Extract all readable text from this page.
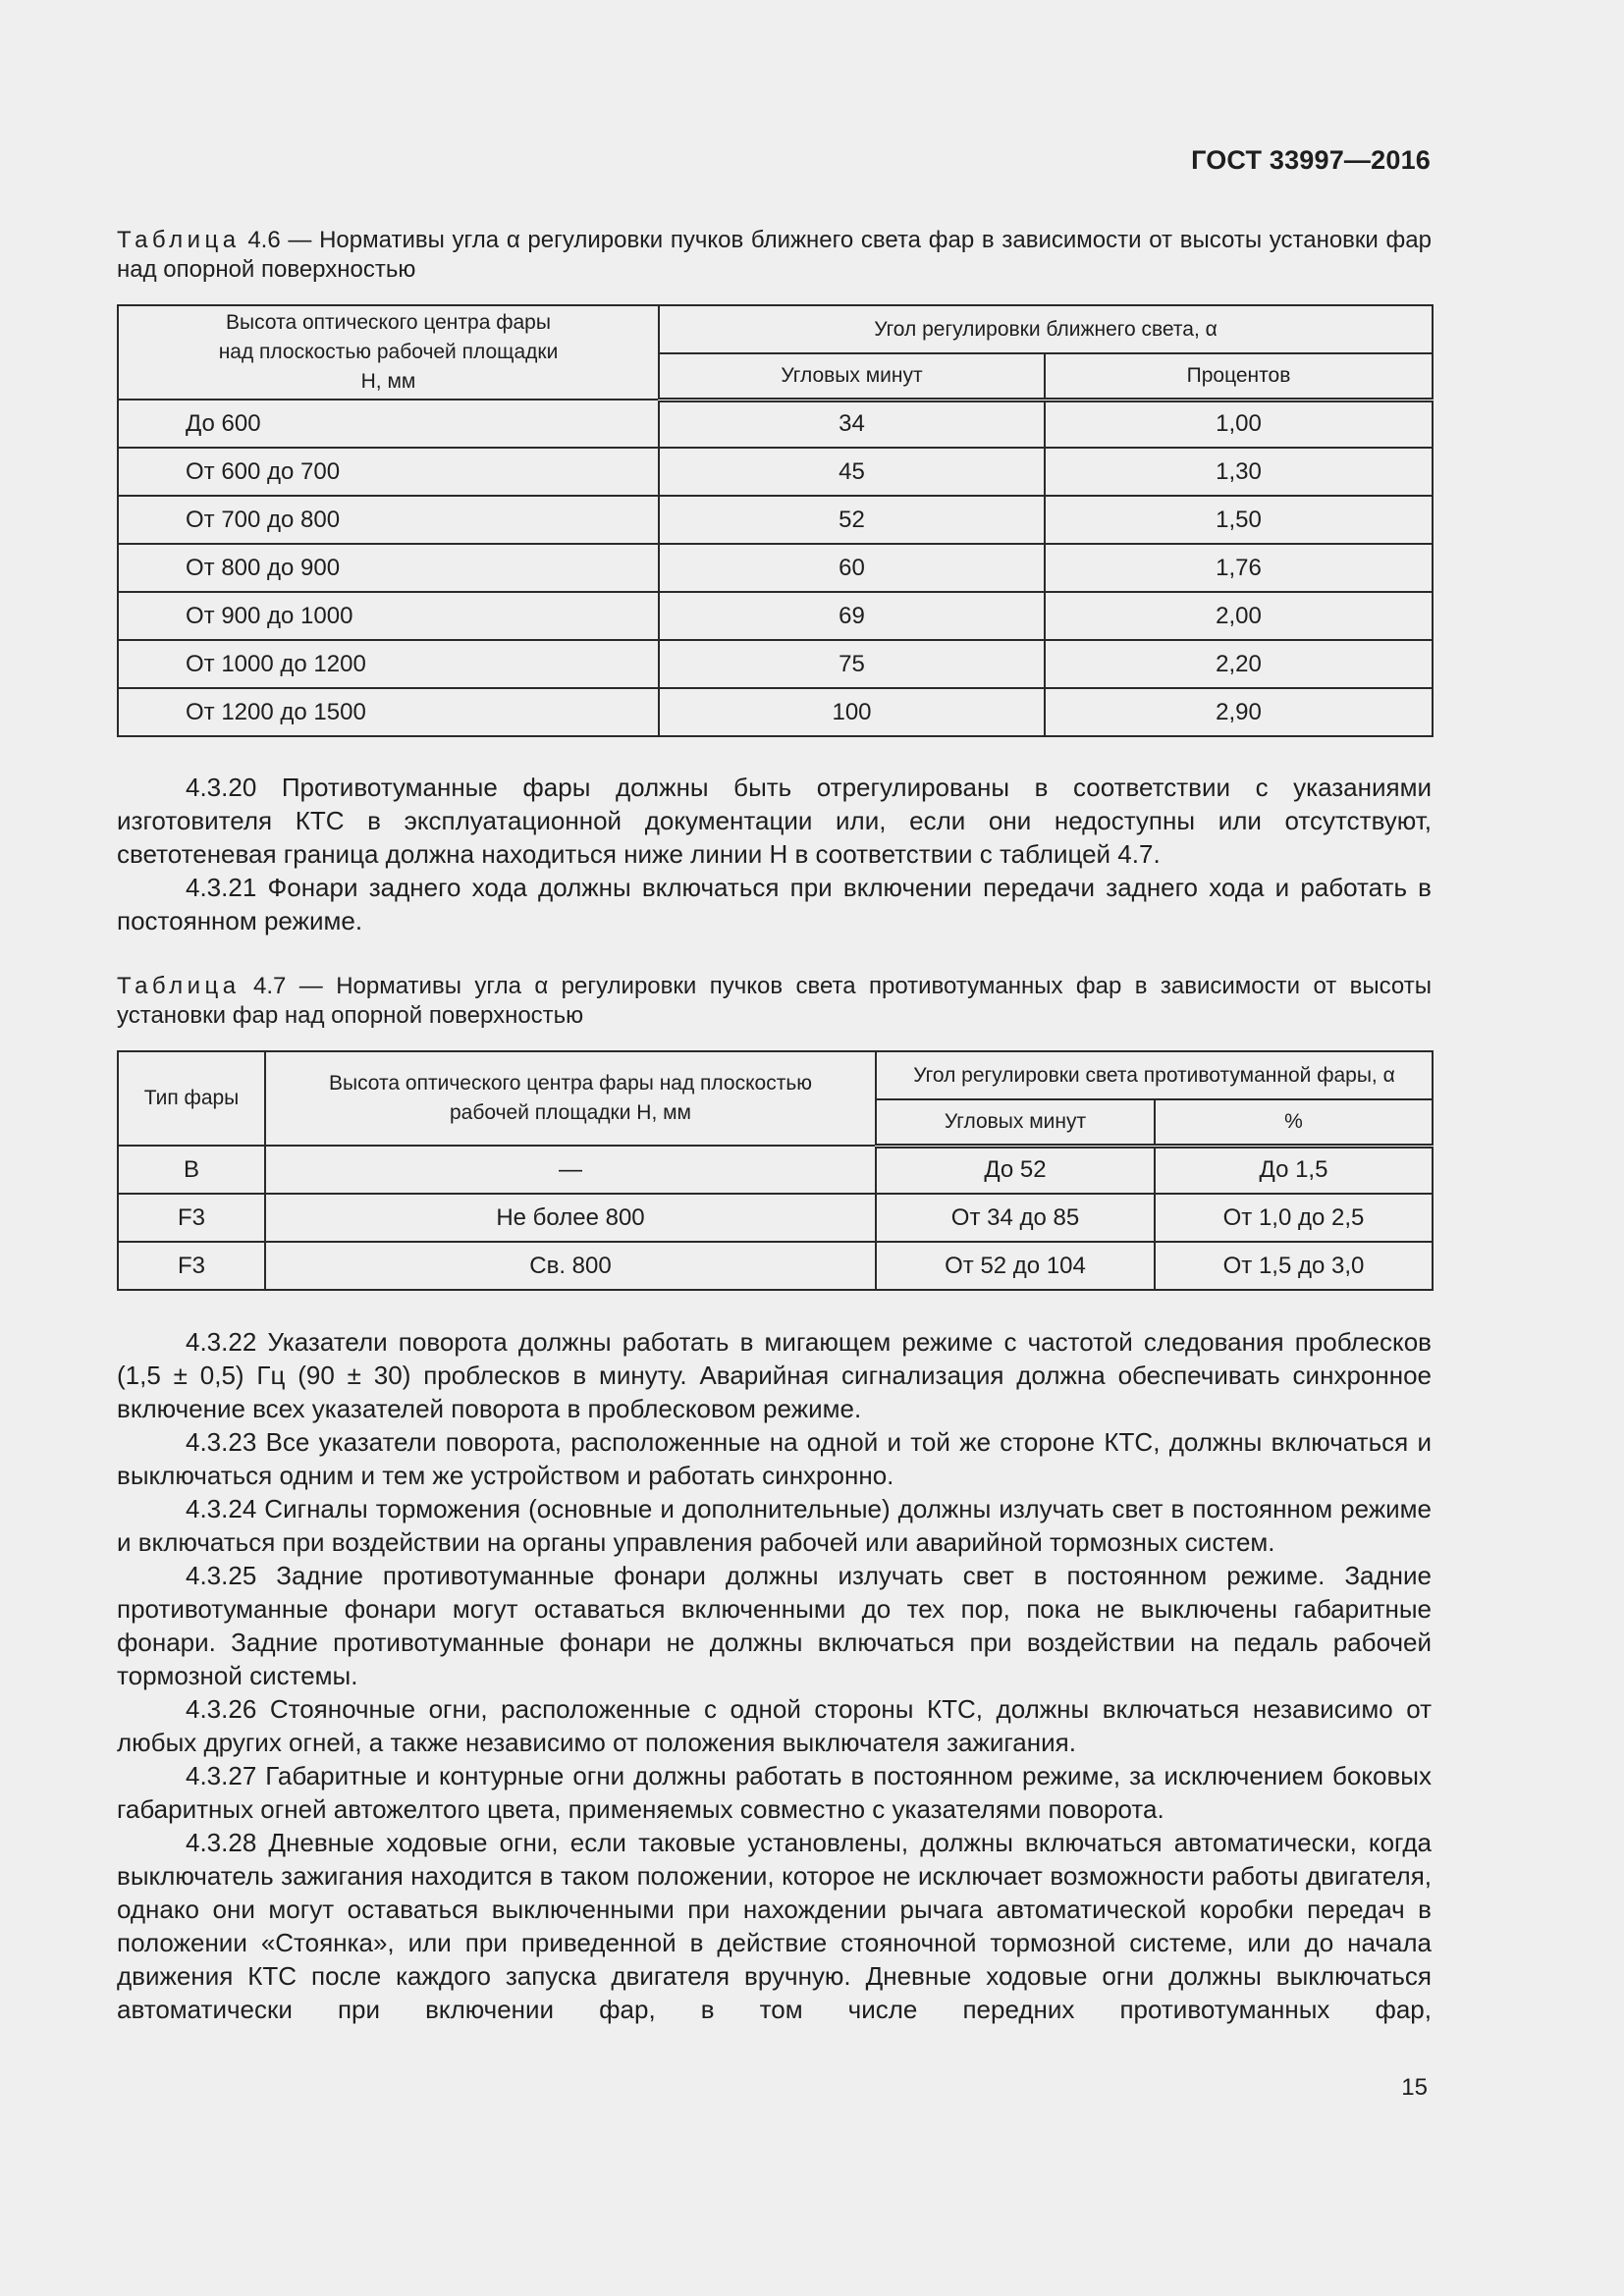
ГОСТ 33997—2016
Таблица 4.6 — Нормативы угла α регулировки пучков ближнего света фар в зависимости от высоты установки фар над опорной поверхностью
Высота оптического центра фары над плоскостью рабочей площадки H, мм	Угол регулировки ближнего света, α	
	Угловых минут	Процентов
До 600	34	1,00
От 600 до 700	45	1,30
От 700 до 800	52	1,50
От 800 до 900	60	1,76
От 900 до 1000	69	2,00
От 1000 до 1200	75	2,20
От 1200 до 1500	100	2,90

4.3.20 Противотуманные фары должны быть отрегулированы в соответствии с указаниями изготовителя КТС в эксплуатационной документации или, если они недоступны или отсутствуют, светотеневая граница должна находиться ниже линии H в соответствии с таблицей 4.7.

4.3.21 Фонари заднего хода должны включаться при включении передачи заднего хода и работать в постоянном режиме.

Таблица 4.7 — Нормативы угла α регулировки пучков света противотуманных фар в зависимости от высоты установки фар над опорной поверхностью
Тип фары	Высота оптического центра фары над плоскостью рабочей площадки H, мм	Угол регулировки света противотуманной фары, α	
		Угловых минут	%
B	—	До 52	До 1,5
F3	Не более 800	От 34 до 85	От 1,0 до 2,5
F3	Св. 800	От 52 до 104	От 1,5 до 3,0

4.3.22 Указатели поворота должны работать в мигающем режиме с частотой следования проблесков (1,5 ± 0,5) Гц (90 ± 30) проблесков в минуту. Аварийная сигнализация должна обеспечивать синхронное включение всех указателей поворота в проблесковом режиме.

4.3.23 Все указатели поворота, расположенные на одной и той же стороне КТС, должны включаться и выключаться одним и тем же устройством и работать синхронно.

4.3.24 Сигналы торможения (основные и дополнительные) должны излучать свет в постоянном режиме и включаться при воздействии на органы управления рабочей или аварийной тормозных систем.

4.3.25 Задние противотуманные фонари должны излучать свет в постоянном режиме. Задние противотуманные фонари могут оставаться включенными до тех пор, пока не выключены габаритные фонари. Задние противотуманные фонари не должны включаться при воздействии на педаль рабочей тормозной системы.

4.3.26 Стояночные огни, расположенные с одной стороны КТС, должны включаться независимо от любых других огней, а также независимо от положения выключателя зажигания.

4.3.27 Габаритные и контурные огни должны работать в постоянном режиме, за исключением боковых габаритных огней автожелтого цвета, применяемых совместно с указателями поворота.

4.3.28 Дневные ходовые огни, если таковые установлены, должны включаться автоматически, когда выключатель зажигания находится в таком положении, которое не исключает возможности работы двигателя, однако они могут оставаться выключенными при нахождении рычага автоматической коробки передач в положении «Стоянка», или при приведенной в действие стояночной тормозной системе, или до начала движения КТС после каждого запуска двигателя вручную. Дневные ходовые огни должны выключаться автоматически при включении фар, в том числе передних противотуманных фар,

15
